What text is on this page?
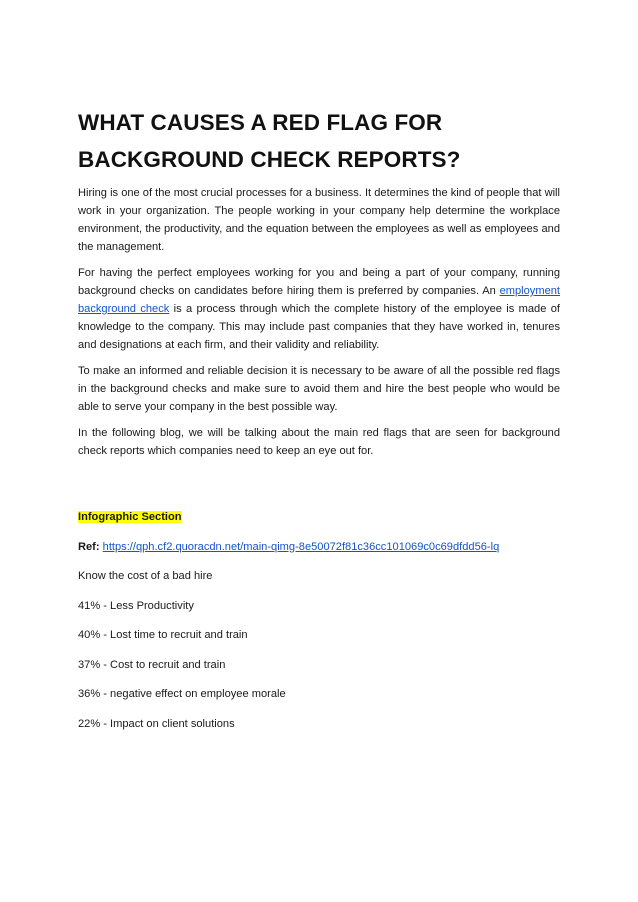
WHAT CAUSES A RED FLAG FOR BACKGROUND CHECK REPORTS?

Hiring is one of the most crucial processes for a business. It determines the kind of people that will work in your organization. The people working in your company help determine the workplace environment, the productivity, and the equation between the employees as well as employees and the management.

For having the perfect employees working for you and being a part of your company, running background checks on candidates before hiring them is preferred by companies. An employment background check is a process through which the complete history of the employee is made of knowledge to the company. This may include past companies that they have worked in, tenures and designations at each firm, and their validity and reliability.

To make an informed and reliable decision it is necessary to be aware of all the possible red flags in the background checks and make sure to avoid them and hire the best people who would be able to serve your company in the best possible way.

In the following blog, we will be talking about the main red flags that are seen for background check reports which companies need to keep an eye out for.

Infographic Section
Ref: https://qph.cf2.quoracdn.net/main-qimg-8e50072f81c36cc101069c0c69dfdd56-lq
Know the cost of a bad hire
41% - Less Productivity
40% - Lost time to recruit and train
37% - Cost to recruit and train
36% - negative effect on employee morale
22% - Impact on client solutions
